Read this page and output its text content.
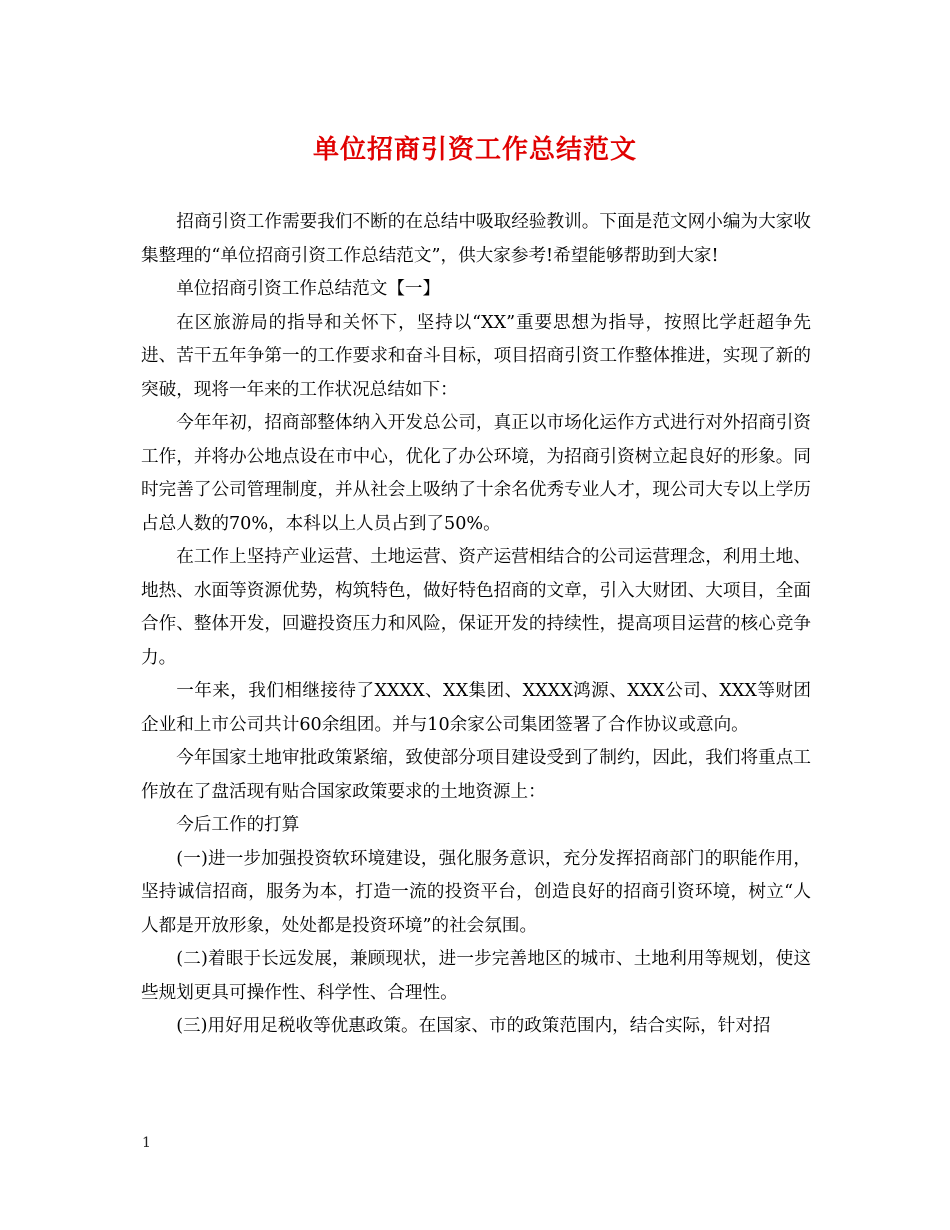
单位招商引资工作总结范文

招商引资工作需要我们不断的在总结中吸取经验教训。下面是范文网小编为大家收集整理的“单位招商引资工作总结范文”，供大家参考!希望能够帮助到大家!

单位招商引资工作总结范文【一】

在区旅游局的指导和关怀下，坚持以“XX”重要思想为指导，按照比学赶超争先进、苦干五年争第一的工作要求和奋斗目标，项目招商引资工作整体推进，实现了新的突破，现将一年来的工作状况总结如下：

今年年初，招商部整体纳入开发总公司，真正以市场化运作方式进行对外招商引资工作，并将办公地点设在市中心，优化了办公环境，为招商引资树立起良好的形象。同时完善了公司管理制度，并从社会上吸纳了十余名优秀专业人才，现公司大专以上学历占总人数的70%，本科以上人员占到了50%。

在工作上坚持产业运营、土地运营、资产运营相结合的公司运营理念，利用土地、地热、水面等资源优势，构筑特色，做好特色招商的文章，引入大财团、大项目，全面合作、整体开发，回避投资压力和风险，保证开发的持续性，提高项目运营的核心竞争力。

一年来，我们相继接待了XXXX、XX集团、XXXX鸿源、XXX公司、XXX等财团企业和上市公司共计60余组团。并与10余家公司集团签署了合作协议或意向。

今年国家土地审批政策紧缩，致使部分项目建设受到了制约，因此，我们将重点工作放在了盘活现有贴合国家政策要求的土地资源上：

今后工作的打算

(一)进一步加强投资软环境建设，强化服务意识，充分发挥招商部门的职能作用，坚持诚信招商，服务为本，打造一流的投资平台，创造良好的招商引资环境，树立“人人都是开放形象，处处都是投资环境”的社会氛围。

(二)着眼于长远发展，兼顾现状，进一步完善地区的城市、土地利用等规划，使这些规划更具可操作性、科学性、合理性。

(三)用好用足税收等优惠政策。在国家、市的政策范围内，结合实际，针对招

1
